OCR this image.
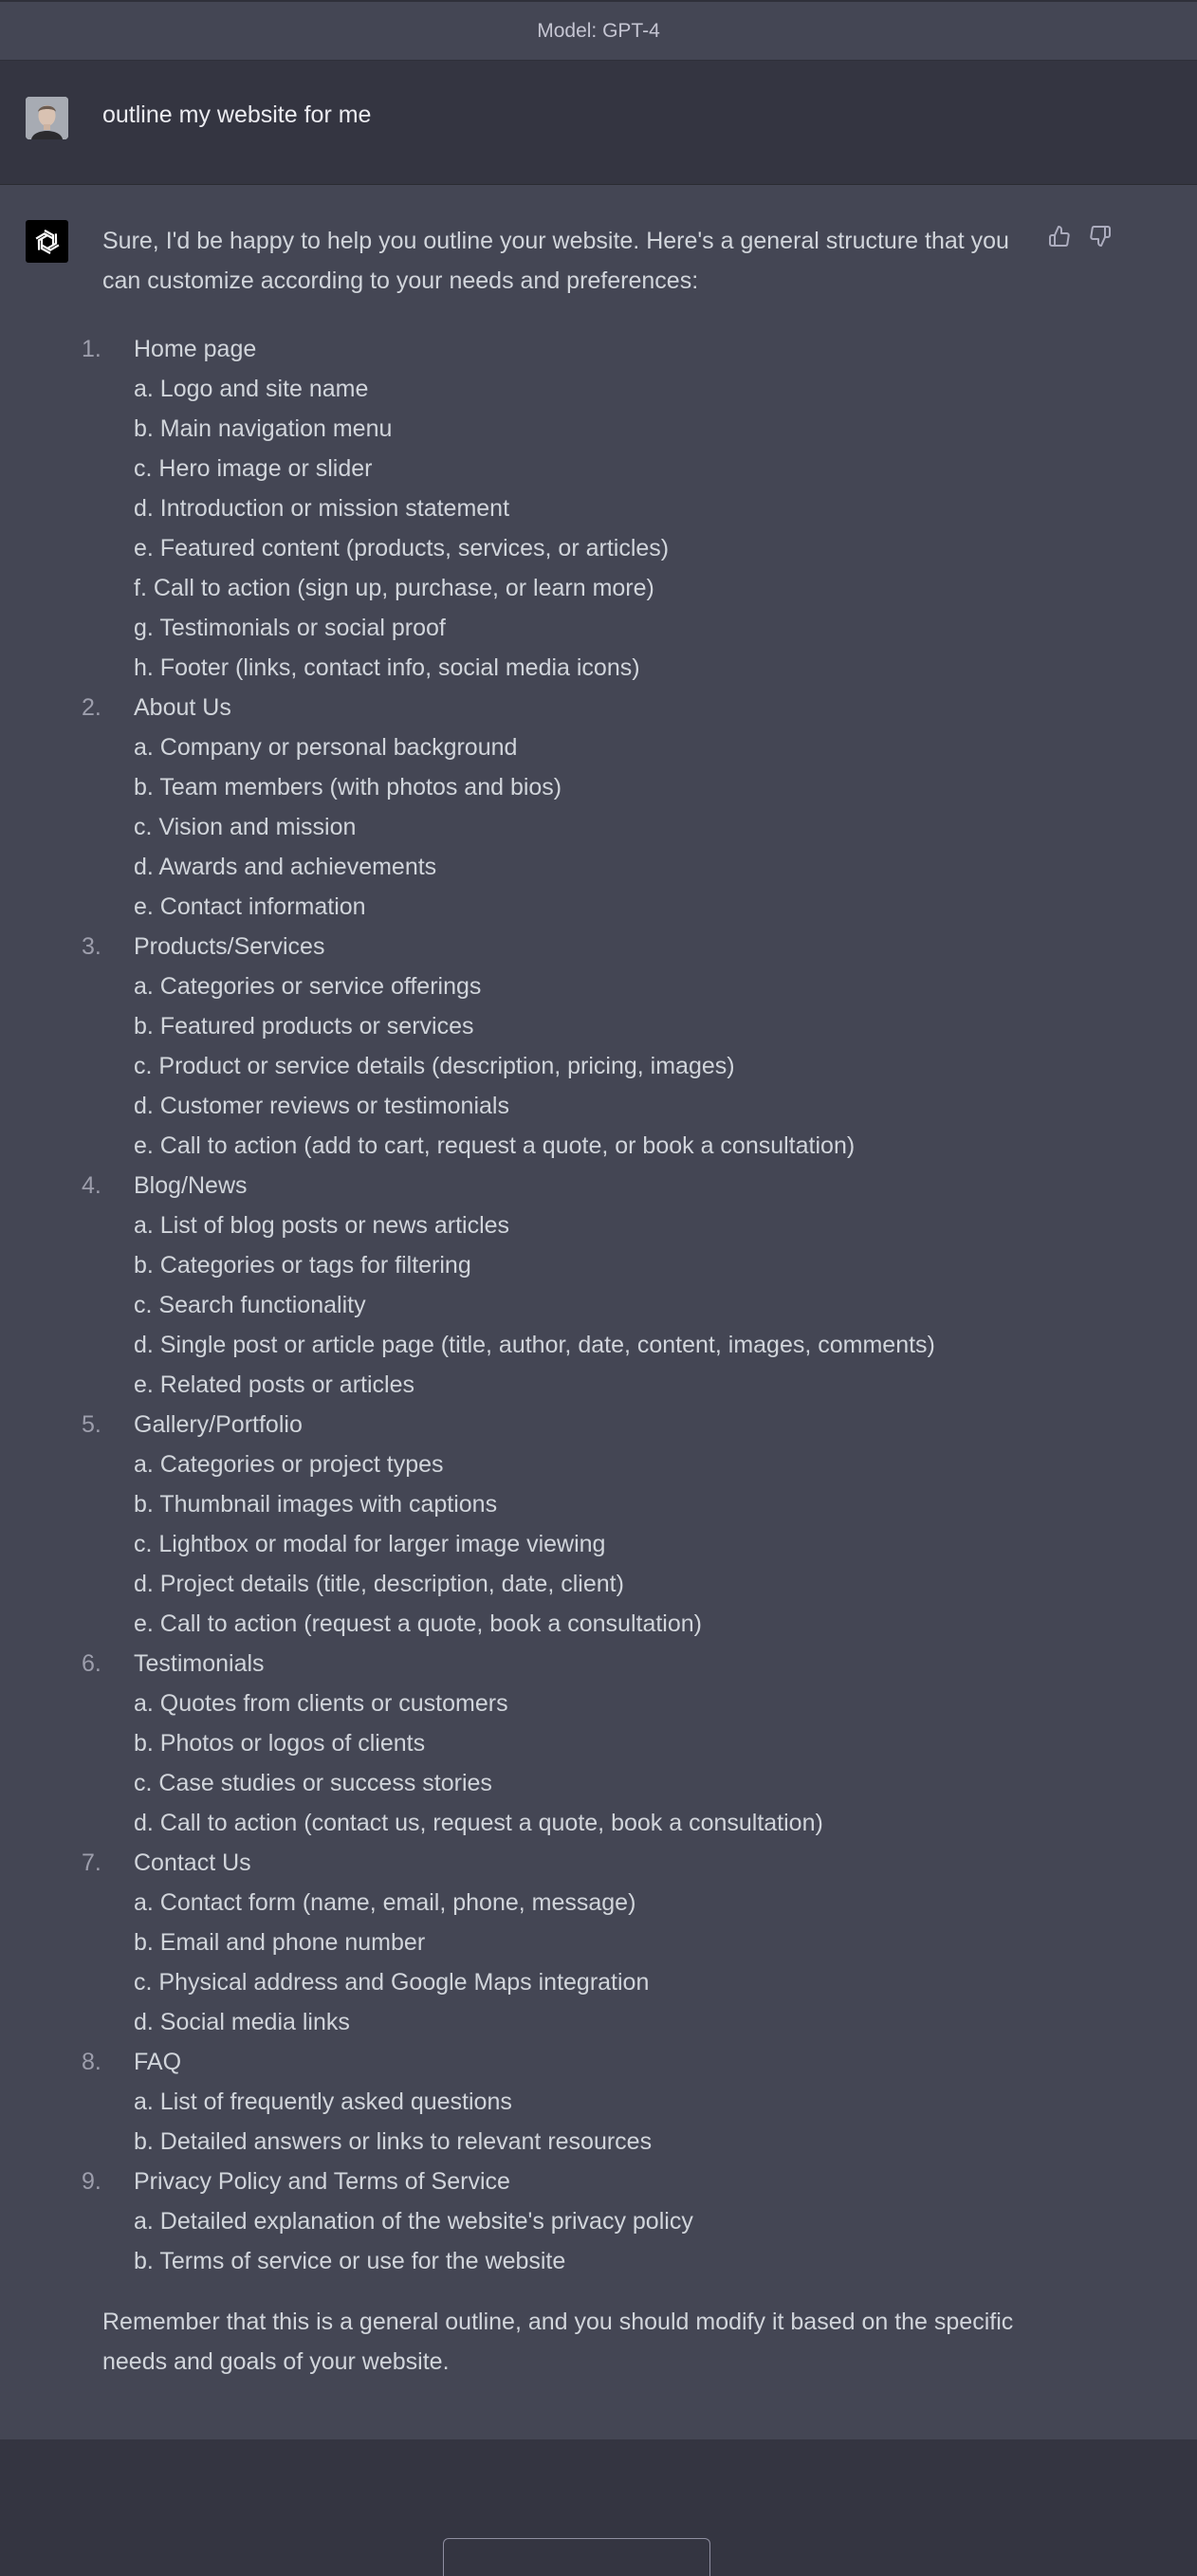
Model: GPT-4
outline my website for me

Sure, I'd be happy to help you outline your website. Here's a general structure that you can customize according to your needs and preferences:

1.	Home page
a. Logo and site name
b. Main navigation menu
c. Hero image or slider
d. Introduction or mission statement
e. Featured content (products, services, or articles)
f. Call to action (sign up, purchase, or learn more)
g. Testimonials or social proof
h. Footer (links, contact info, social media icons)
2.	About Us
a. Company or personal background
b. Team members (with photos and bios)
c. Vision and mission
d. Awards and achievements
e. Contact information
3.	Products/Services
a. Categories or service offerings
b. Featured products or services
c. Product or service details (description, pricing, images)
d. Customer reviews or testimonials
e. Call to action (add to cart, request a quote, or book a consultation)
4.	Blog/News
a. List of blog posts or news articles
b. Categories or tags for filtering
c. Search functionality
d. Single post or article page (title, author, date, content, images, comments)
e. Related posts or articles
5.	Gallery/Portfolio
a. Categories or project types
b. Thumbnail images with captions
c. Lightbox or modal for larger image viewing
d. Project details (title, description, date, client)
e. Call to action (request a quote, book a consultation)
6.	Testimonials
a. Quotes from clients or customers
b. Photos or logos of clients
c. Case studies or success stories
d. Call to action (contact us, request a quote, book a consultation)
7.	Contact Us
a. Contact form (name, email, phone, message)
b. Email and phone number
c. Physical address and Google Maps integration
d. Social media links
8.	FAQ
a. List of frequently asked questions
b. Detailed answers or links to relevant resources
9.	Privacy Policy and Terms of Service
a. Detailed explanation of the website's privacy policy
b. Terms of service or use for the website

Remember that this is a general outline, and you should modify it based on the specific needs and goals of your website.
